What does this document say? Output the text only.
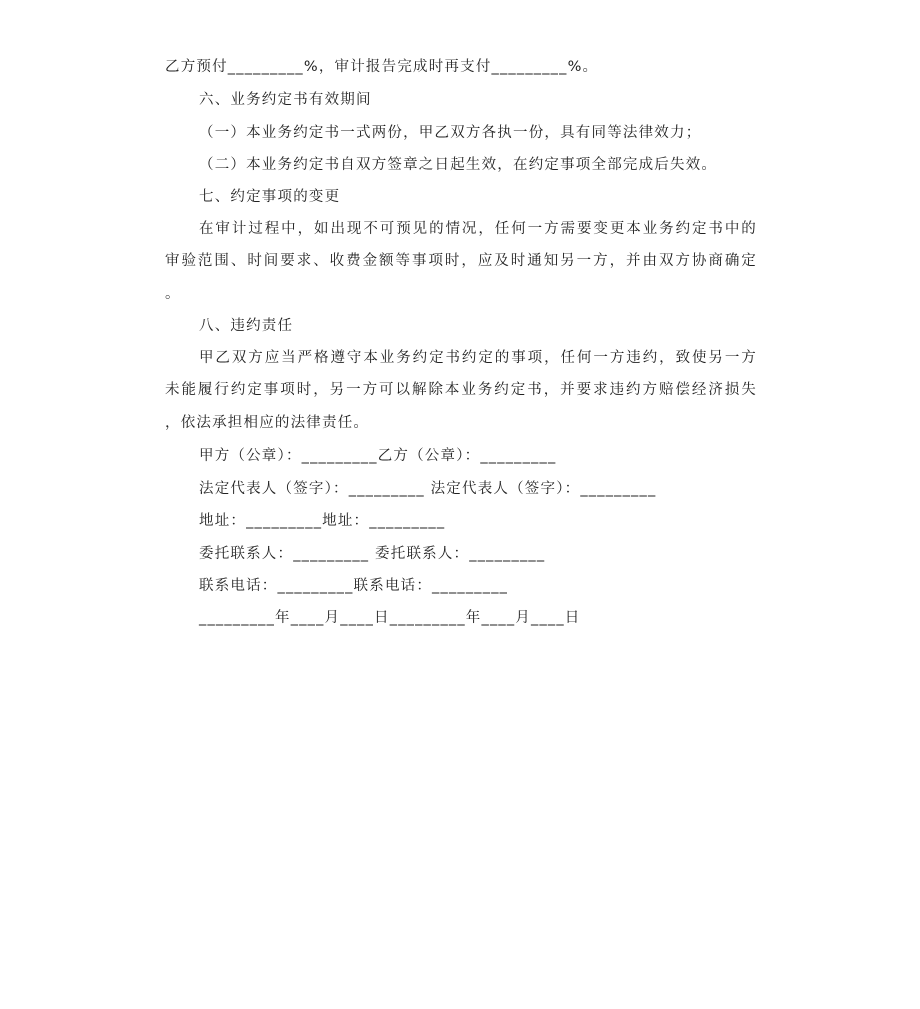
乙方预付_________%，审计报告完成时再支付_________%。
六、业务约定书有效期间
（一）本业务约定书一式两份，甲乙双方各执一份，具有同等法律效力；
（二）本业务约定书自双方签章之日起生效，在约定事项全部完成后失效。
七、约定事项的变更
在审计过程中，如出现不可预见的情况，任何一方需要变更本业务约定书中的
审验范围、时间要求、收费金额等事项时，应及时通知另一方，并由双方协商确定
。
八、违约责任
甲乙双方应当严格遵守本业务约定书约定的事项，任何一方违约，致使另一方
未能履行约定事项时，另一方可以解除本业务约定书，并要求违约方赔偿经济损失
，依法承担相应的法律责任。
甲方（公章）：_________乙方（公章）：_________
法定代表人（签字）：_________ 法定代表人（签字）：_________
地址：_________地址：_________
委托联系人：_________ 委托联系人：_________
联系电话：_________联系电话：_________
_________年____月____日_________年____月____日
